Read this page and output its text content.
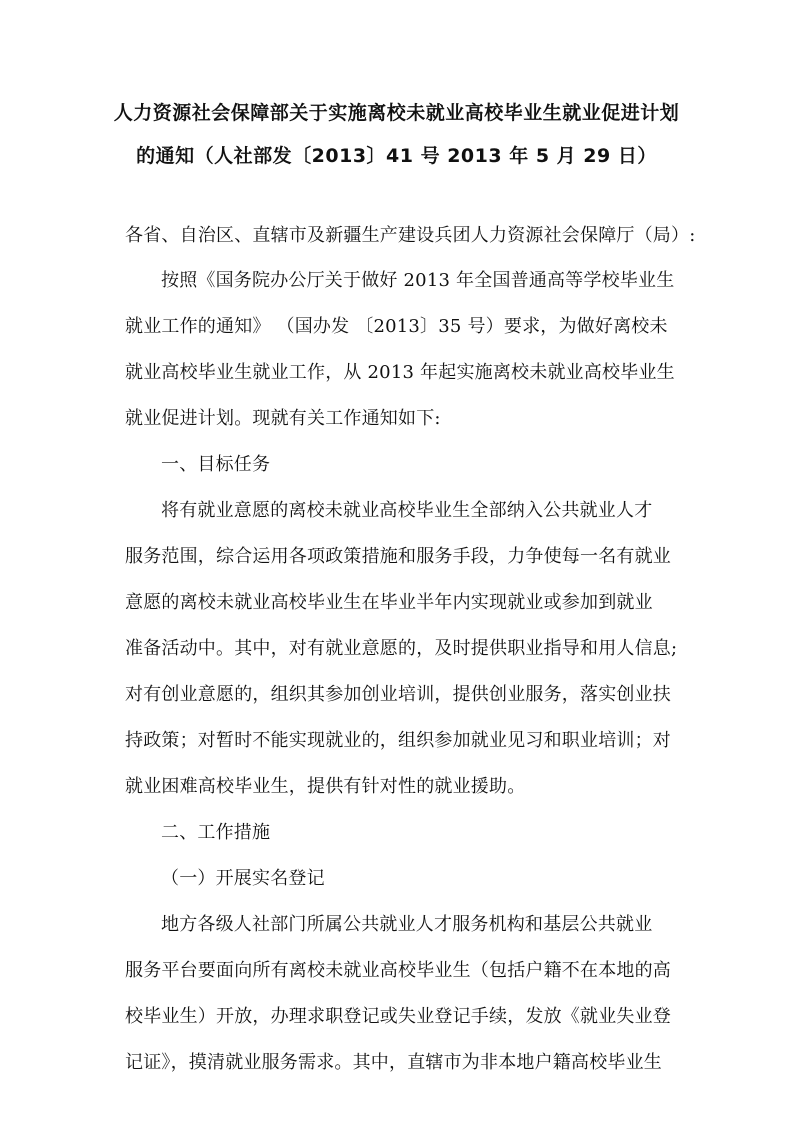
人力资源社会保障部关于实施离校未就业高校毕业生就业促进计划
的通知（人社部发〔2013〕41 号 2013 年 5 月 29 日）
各省、自治区、直辖市及新疆生产建设兵团人力资源社会保障厅（局）:
按照《国务院办公厅关于做好 2013 年全国普通高等学校毕业生
就业工作的通知》 （国办发 〔2013〕35 号）要求，为做好离校未
就业高校毕业生就业工作，从 2013 年起实施离校未就业高校毕业生
就业促进计划。现就有关工作通知如下:
一、目标任务
将有就业意愿的离校未就业高校毕业生全部纳入公共就业人才
服务范围，综合运用各项政策措施和服务手段，力争使每一名有就业
意愿的离校未就业高校毕业生在毕业半年内实现就业或参加到就业
准备活动中。其中，对有就业意愿的，及时提供职业指导和用人信息;
对有创业意愿的，组织其参加创业培训，提供创业服务，落实创业扶
持政策；对暂时不能实现就业的，组织参加就业见习和职业培训；对
就业困难高校毕业生，提供有针对性的就业援助。
二、工作措施
（一）开展实名登记
地方各级人社部门所属公共就业人才服务机构和基层公共就业
服务平台要面向所有离校未就业高校毕业生（包括户籍不在本地的高
校毕业生）开放，办理求职登记或失业登记手续，发放《就业失业登
记证》，摸清就业服务需求。其中，直辖市为非本地户籍高校毕业生
